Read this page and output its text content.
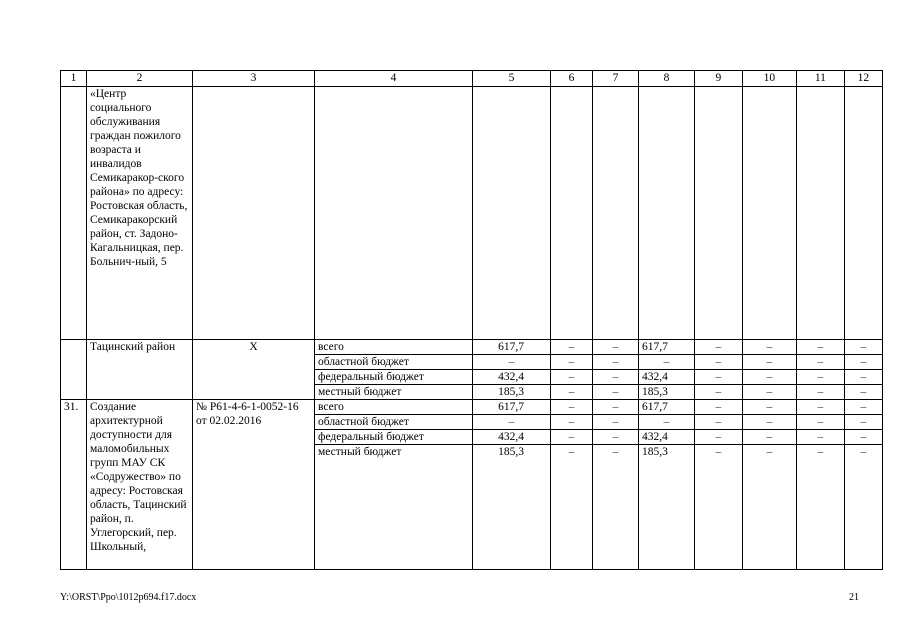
1	2	3	4	5	6	7	8	9	10	11	12
	«Центр социального обслуживания граждан пожилого возраста и инвалидов Семикаракор-ского района» по адресу: Ростовская область, Семикаракорский район, ст. Задоно-Кагальницкая, пер. Больнич-ный, 5										
	Тацинский район	Х	всего	617,7	–	–	617,7	–	–	–	–
			областной бюджет	–	–	–	–	–	–	–	–
			федеральный бюджет	432,4	–	–	432,4	–	–	–	–
			местный бюджет	185,3	–	–	185,3	–	–	–	–
31.	Создание архитектурной доступности для маломобильных групп МАУ СК «Содружество» по адресу: Ростовская область, Тацинский район, п. Углегорский, пер. Школьный,	№ Р61-4-6-1-0052-16 от 02.02.2016	всего	617,7	–	–	617,7	–	–	–	–
			областной бюджет	–	–	–	–	–	–	–	–
			федеральный бюджет	432,4	–	–	432,4	–	–	–	–
			местный бюджет	185,3	–	–	185,3	–	–	–	–
Y:\ORST\Ppo\1012p694.f17.docx	21
